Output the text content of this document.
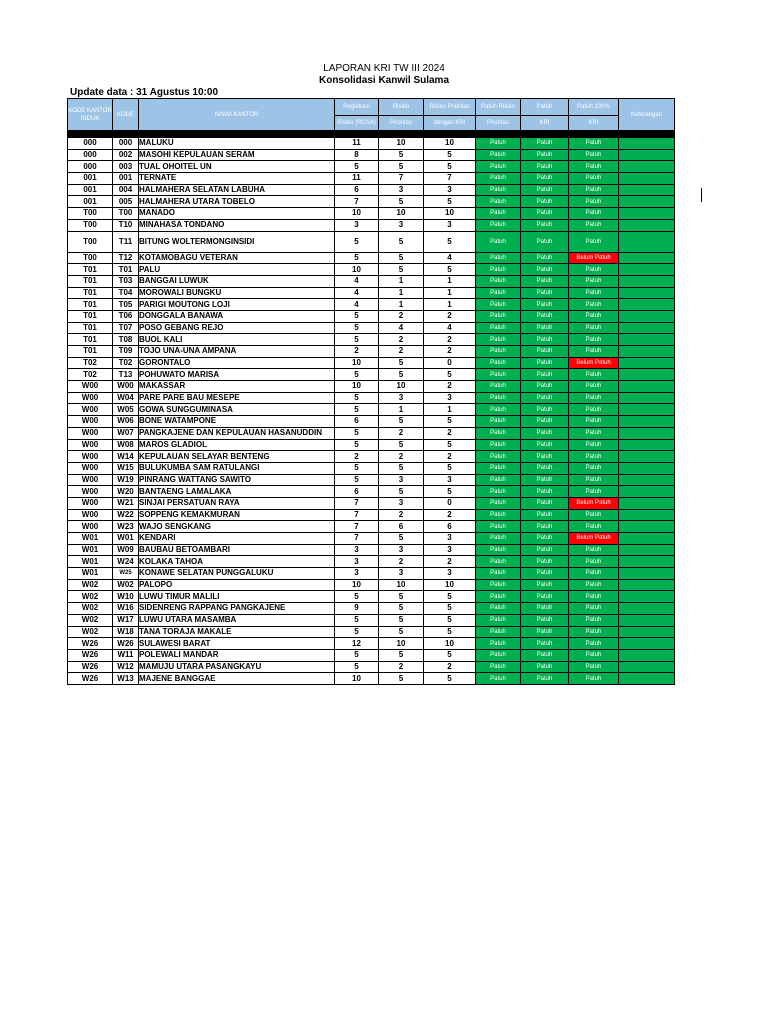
LAPORAN KRI TW III 2024
Konsolidasi Kanwil Sulama
Update data : 31 Agustus 10:00
KODE KANTOR INDUK	KODE	NAMA KANTOR	Registrasi	Risiko	Risiko Prioritas	Patuh Risiko	Patuh	Patuh 100%	Keterangan
			Risiko (RCSA)	Prioritas	dengan KRI	Prioritas	KRI	KRI	

000	000	MALUKU	11	10	10	Patuh	Patuh	Patuh	
000	002	MASOHI KEPULAUAN SERAM	8	5	5	Patuh	Patuh	Patuh	
000	003	TUAL OHOITEL UN	5	5	5	Patuh	Patuh	Patuh	
001	001	TERNATE	11	7	7	Patuh	Patuh	Patuh	
001	004	HALMAHERA SELATAN LABUHA	6	3	3	Patuh	Patuh	Patuh	
001	005	HALMAHERA UTARA TOBELO	7	5	5	Patuh	Patuh	Patuh	
T00	T00	MANADO	10	10	10	Patuh	Patuh	Patuh	
T00	T10	MINAHASA TONDANO	3	3	3	Patuh	Patuh	Patuh	
T00	T11	BITUNG WOLTERMONGINSIDI	5	5	5	Patuh	Patuh	Patuh	
T00	T12	KOTAMOBAGU VETERAN	5	5	4	Patuh	Patuh	Belum Patuh	
T01	T01	PALU	10	5	5	Patuh	Patuh	Patuh	
T01	T03	BANGGAI LUWUK	4	1	1	Patuh	Patuh	Patuh	
T01	T04	MOROWALI BUNGKU	4	1	1	Patuh	Patuh	Patuh	
T01	T05	PARIGI MOUTONG LOJI	4	1	1	Patuh	Patuh	Patuh	
T01	T06	DONGGALA BANAWA	5	2	2	Patuh	Patuh	Patuh	
T01	T07	POSO GEBANG REJO	5	4	4	Patuh	Patuh	Patuh	
T01	T08	BUOL KALI	5	2	2	Patuh	Patuh	Patuh	
T01	T09	TOJO UNA-UNA AMPANA	2	2	2	Patuh	Patuh	Patuh	
T02	T02	GORONTALO	10	5	0	Patuh	Patuh	Belum Patuh	
T02	T13	POHUWATO MARISA	5	5	5	Patuh	Patuh	Patuh	
W00	W00	MAKASSAR	10	10	2	Patuh	Patuh	Patuh	
W00	W04	PARE PARE BAU MESEPE	5	3	3	Patuh	Patuh	Patuh	
W00	W05	GOWA SUNGGUMINASA	5	1	1	Patuh	Patuh	Patuh	
W00	W06	BONE WATAMPONE	6	5	5	Patuh	Patuh	Patuh	
W00	W07	PANGKAJENE DAN KEPULAUAN HASANUDDIN	5	2	2	Patuh	Patuh	Patuh	
W00	W08	MAROS GLADIOL	5	5	5	Patuh	Patuh	Patuh	
W00	W14	KEPULAUAN SELAYAR BENTENG	2	2	2	Patuh	Patuh	Patuh	
W00	W15	BULUKUMBA SAM RATULANGI	5	5	5	Patuh	Patuh	Patuh	
W00	W19	PINRANG WATTANG SAWITO	5	3	3	Patuh	Patuh	Patuh	
W00	W20	BANTAENG LAMALAKA	6	5	5	Patuh	Patuh	Patuh	
W00	W21	SINJAI PERSATUAN RAYA	7	3	0	Patuh	Patuh	Belum Patuh	
W00	W22	SOPPENG KEMAKMURAN	7	2	2	Patuh	Patuh	Patuh	
W00	W23	WAJO SENGKANG	7	6	6	Patuh	Patuh	Patuh	
W01	W01	KENDARI	7	5	3	Patuh	Patuh	Belum Patuh	
W01	W09	BAUBAU BETOAMBARI	3	3	3	Patuh	Patuh	Patuh	
W01	W24	KOLAKA TAHOA	3	2	2	Patuh	Patuh	Patuh	
W01	W25	KONAWE SELATAN PUNGGALUKU	3	3	3	Patuh	Patuh	Patuh	
W02	W02	PALOPO	10	10	10	Patuh	Patuh	Patuh	
W02	W10	LUWU TIMUR MALILI	5	5	5	Patuh	Patuh	Patuh	
W02	W16	SIDENRENG RAPPANG PANGKAJENE	9	5	5	Patuh	Patuh	Patuh	
W02	W17	LUWU UTARA MASAMBA	5	5	5	Patuh	Patuh	Patuh	
W02	W18	TANA TORAJA MAKALE	5	5	5	Patuh	Patuh	Patuh	
W26	W26	SULAWESI BARAT	12	10	10	Patuh	Patuh	Patuh	
W26	W11	POLEWALI MANDAR	5	5	5	Patuh	Patuh	Patuh	
W26	W12	MAMUJU UTARA PASANGKAYU	5	2	2	Patuh	Patuh	Patuh	
W26	W13	MAJENE BANGGAE	10	5	5	Patuh	Patuh	Patuh	
